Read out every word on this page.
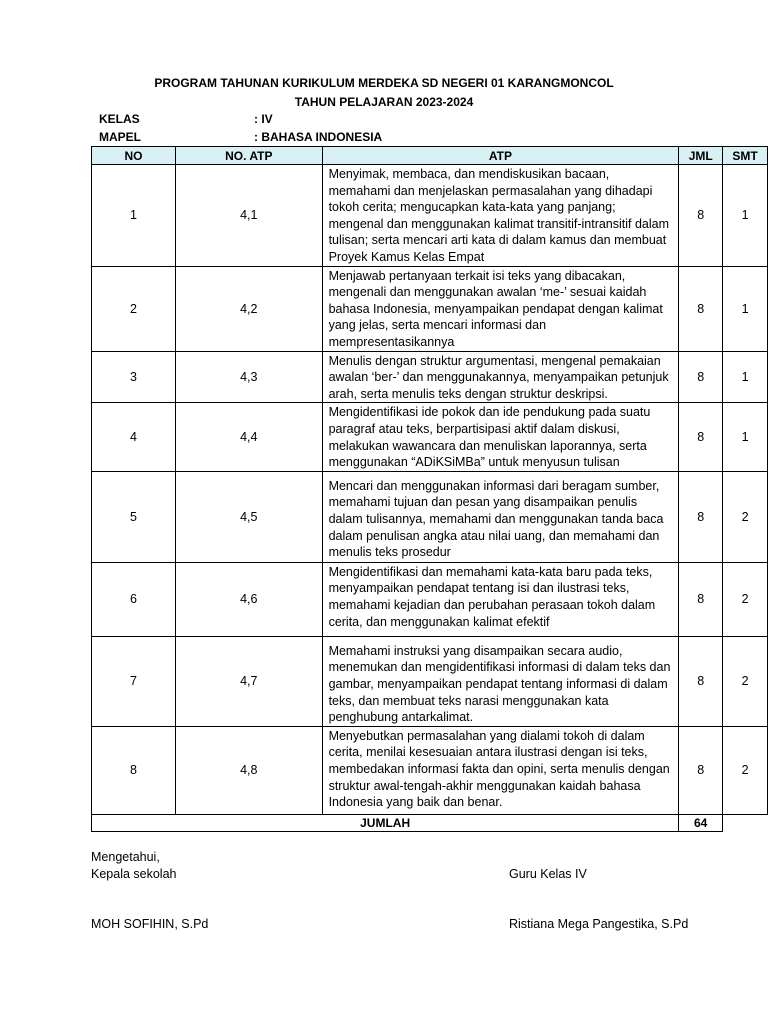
PROGRAM TAHUNAN KURIKULUM MERDEKA SD NEGERI 01 KARANGMONCOL
TAHUN PELAJARAN 2023-2024
KELAS	: IV
MAPEL	: BAHASA INDONESIA
NO	NO. ATP	ATP	JML	SMT
1	4,1	Menyimak, membaca, dan mendiskusikan bacaan, memahami dan menjelaskan permasalahan yang dihadapi tokoh cerita; mengucapkan kata-kata yang panjang; mengenal dan menggunakan kalimat transitif-intransitif dalam tulisan; serta mencari arti kata di dalam kamus dan membuat Proyek Kamus Kelas Empat	8	1
2	4,2	Menjawab pertanyaan terkait isi teks yang dibacakan, mengenali dan menggunakan awalan ‘me-’ sesuai kaidah bahasa Indonesia, menyampaikan pendapat dengan kalimat yang jelas, serta mencari informasi dan mempresentasikannya	8	1
3	4,3	Menulis dengan struktur argumentasi, mengenal pemakaian awalan ‘ber-’ dan menggunakannya, menyampaikan petunjuk arah, serta menulis teks dengan struktur deskripsi.	8	1
4	4,4	Mengidentifikasi ide pokok dan ide pendukung pada suatu paragraf atau teks, berpartisipasi aktif dalam diskusi, melakukan wawancara dan menuliskan laporannya, serta menggunakan “ADiKSiMBa” untuk menyusun tulisan	8	1
5	4,5	Mencari dan menggunakan informasi dari beragam sumber, memahami tujuan dan pesan yang disampaikan penulis dalam tulisannya, memahami dan menggunakan tanda baca dalam penulisan angka atau nilai uang, dan memahami dan menulis teks prosedur	8	2
6	4,6	Mengidentifikasi dan memahami kata-kata baru pada teks, menyampaikan pendapat tentang isi dan ilustrasi teks, memahami kejadian dan perubahan perasaan tokoh dalam cerita, dan menggunakan kalimat efektif	8	2
7	4,7	Memahami instruksi yang disampaikan secara audio, menemukan dan mengidentifikasi informasi di dalam teks dan gambar, menyampaikan pendapat tentang informasi di dalam teks, dan membuat teks narasi menggunakan kata penghubung antarkalimat.	8	2
8	4,8	Menyebutkan permasalahan yang dialami tokoh di dalam cerita, menilai kesesuaian antara ilustrasi dengan isi teks, membedakan informasi fakta dan opini, serta menulis dengan struktur awal-tengah-akhir menggunakan kaidah bahasa Indonesia yang baik dan benar.	8	2
JUMLAH			64	
Mengetahui,
Kepala sekolah	Guru Kelas IV
MOH SOFIHIN, S.Pd	Ristiana Mega Pangestika, S.Pd
